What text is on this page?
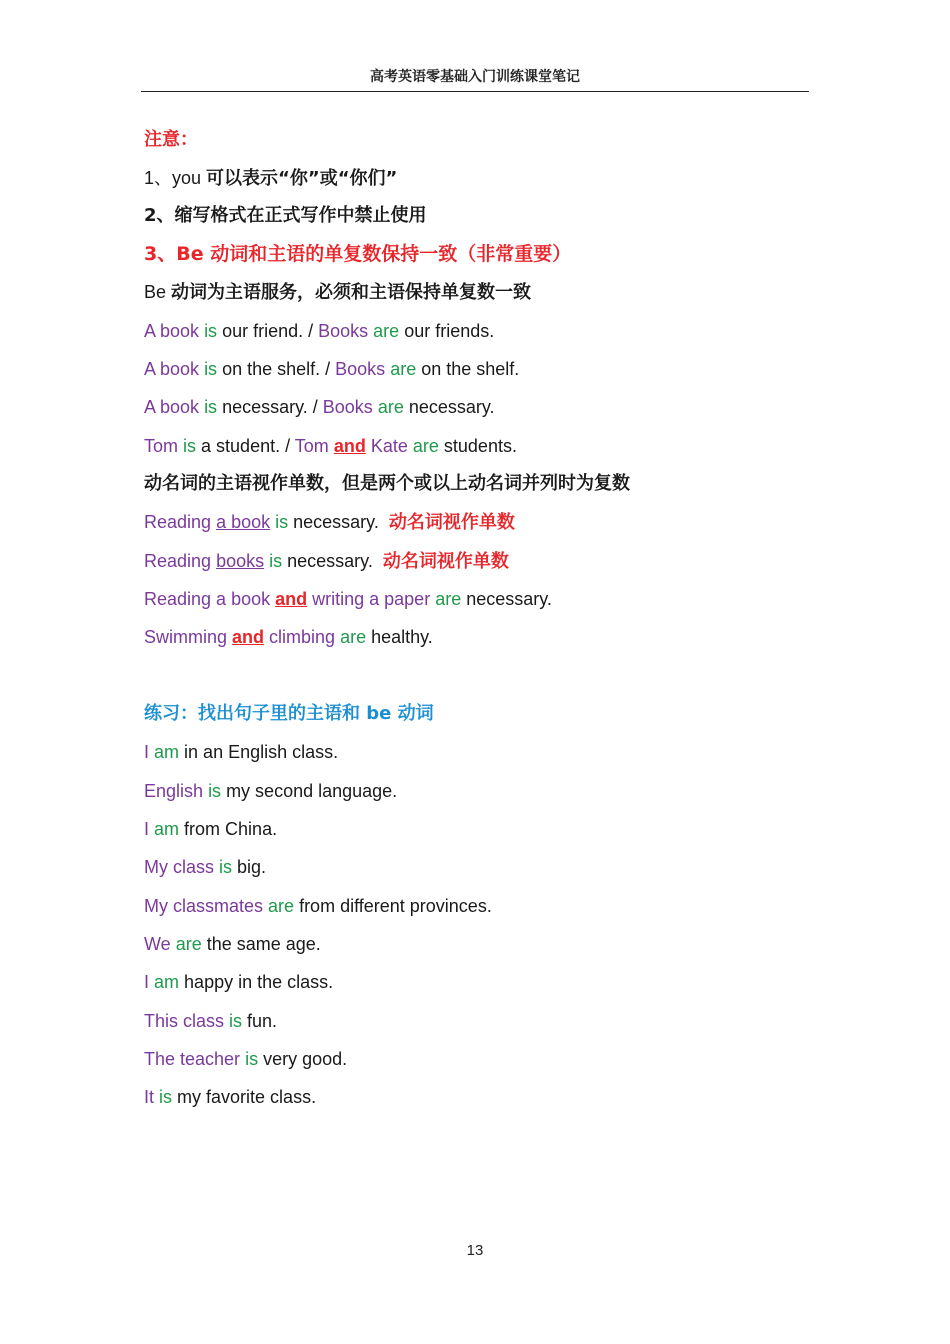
高考英语零基础入门训练课堂笔记
注意：
1、you 可以表示“你”或“你们”
2、缩写格式在正式写作中禁止使用
3、Be 动词和主语的单复数保持一致（非常重要）
Be 动词为主语服务，必须和主语保持单复数一致
A book is our friend. / Books are our friends.
A book is on the shelf. / Books are on the shelf.
A book is necessary. / Books are necessary.
Tom is a student. / Tom and Kate are students.
动名词的主语视作单数，但是两个或以上动名词并列时为复数
Reading a book is necessary. 动名词视作单数
Reading books is necessary. 动名词视作单数
Reading a book and writing a paper are necessary.
Swimming and climbing are healthy.
练习：找出句子里的主语和 be 动词
I am in an English class.
English is my second language.
I am from China.
My class is big.
My classmates are from different provinces.
We are the same age.
I am happy in the class.
This class is fun.
The teacher is very good.
It is my favorite class.
13
